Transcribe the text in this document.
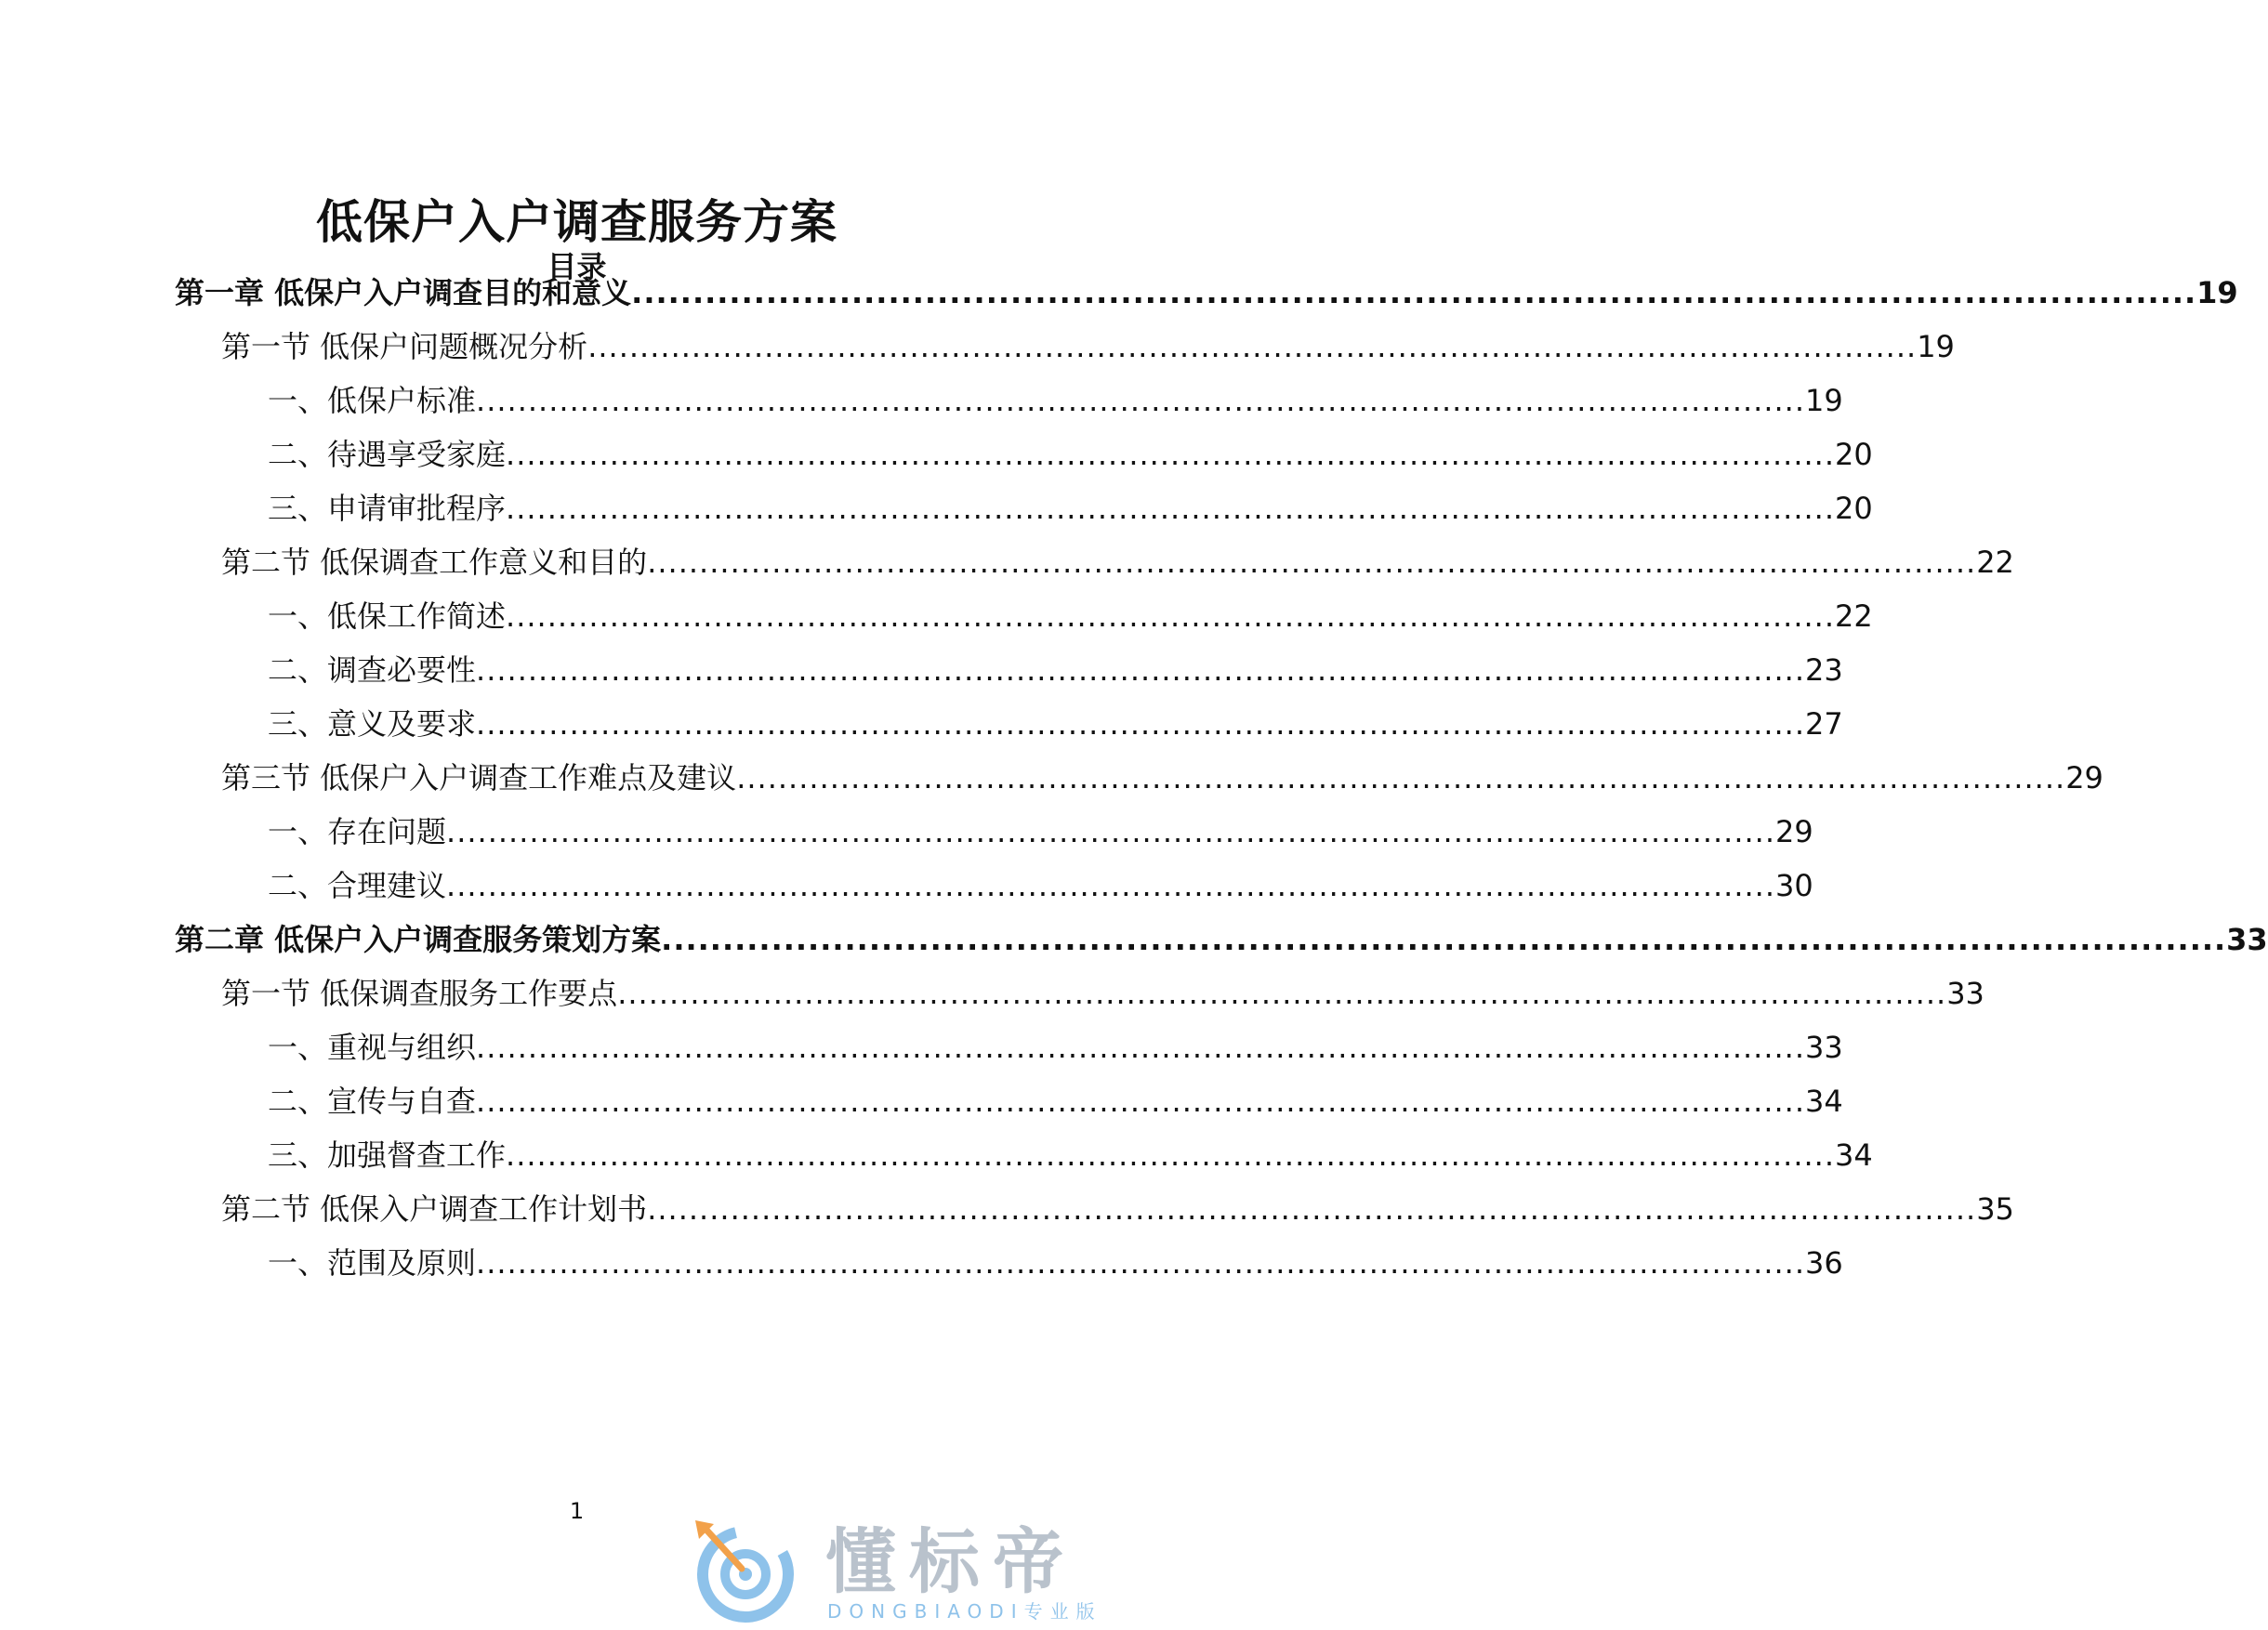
低保户入户调查服务方案
目录
第一章 低保户入户调查目的和意义 ................................................................................................................................ 19
第一节 低保户问题概况分析 ................................................................................................................................ 19
一、低保户标准 ................................................................................................................................ 19
二、待遇享受家庭 ................................................................................................................................ 20
三、申请审批程序 ................................................................................................................................ 20
第二节 低保调查工作意义和目的 ................................................................................................................................ 22
一、低保工作简述 ................................................................................................................................ 22
二、调查必要性 ................................................................................................................................ 23
三、意义及要求 ................................................................................................................................ 27
第三节 低保户入户调查工作难点及建议 ................................................................................................................................ 29
一、存在问题 ................................................................................................................................ 29
二、合理建议 ................................................................................................................................ 30
第二章 低保户入户调查服务策划方案 ................................................................................................................................ 33
第一节 低保调查服务工作要点 ................................................................................................................................ 33
一、重视与组织 ................................................................................................................................ 33
二、宣传与自查 ................................................................................................................................ 34
三、加强督查工作 ................................................................................................................................ 34
第二节 低保入户调查工作计划书 ................................................................................................................................ 35
一、范围及原则 ................................................................................................................................ 36
1
懂标帝
DONGBIAODI专业版
